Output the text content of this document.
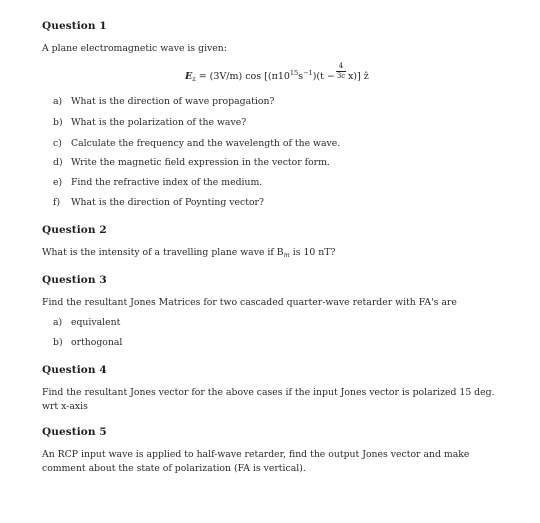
Question 1
A plane electromagnetic wave is given:
$E_z = (3V/m)$ $\cos [(\pi 10^{15}s^{-1})(t$ −
4
3c x)] ẑ
a) What is the direction of wave propagation?
b) What is the polarization of the wave?
c) Calculate the frequency and the wavelength of the wave.
d) Write the magnetic field expression in the vector form.
e) Find the refractive index of the medium.
f) What is the direction of Poynting vector?
Question 2
What is the intensity of a travelling plane wave if $B_m$ is 10 nT?
Question 3
Find the resultant Jones Matrices for two cascaded quarter-wave retarder with FA's are
a) equivalent
b) orthogonal
Question 4
Find the resultant Jones vector for the above cases if the input Jones vector is polarized 15 deg. wrt x-axis
Question 5
An RCP input wave is applied to half-wave retarder, find the output Jones vector and make comment about the state of polarization (FA is vertical).
